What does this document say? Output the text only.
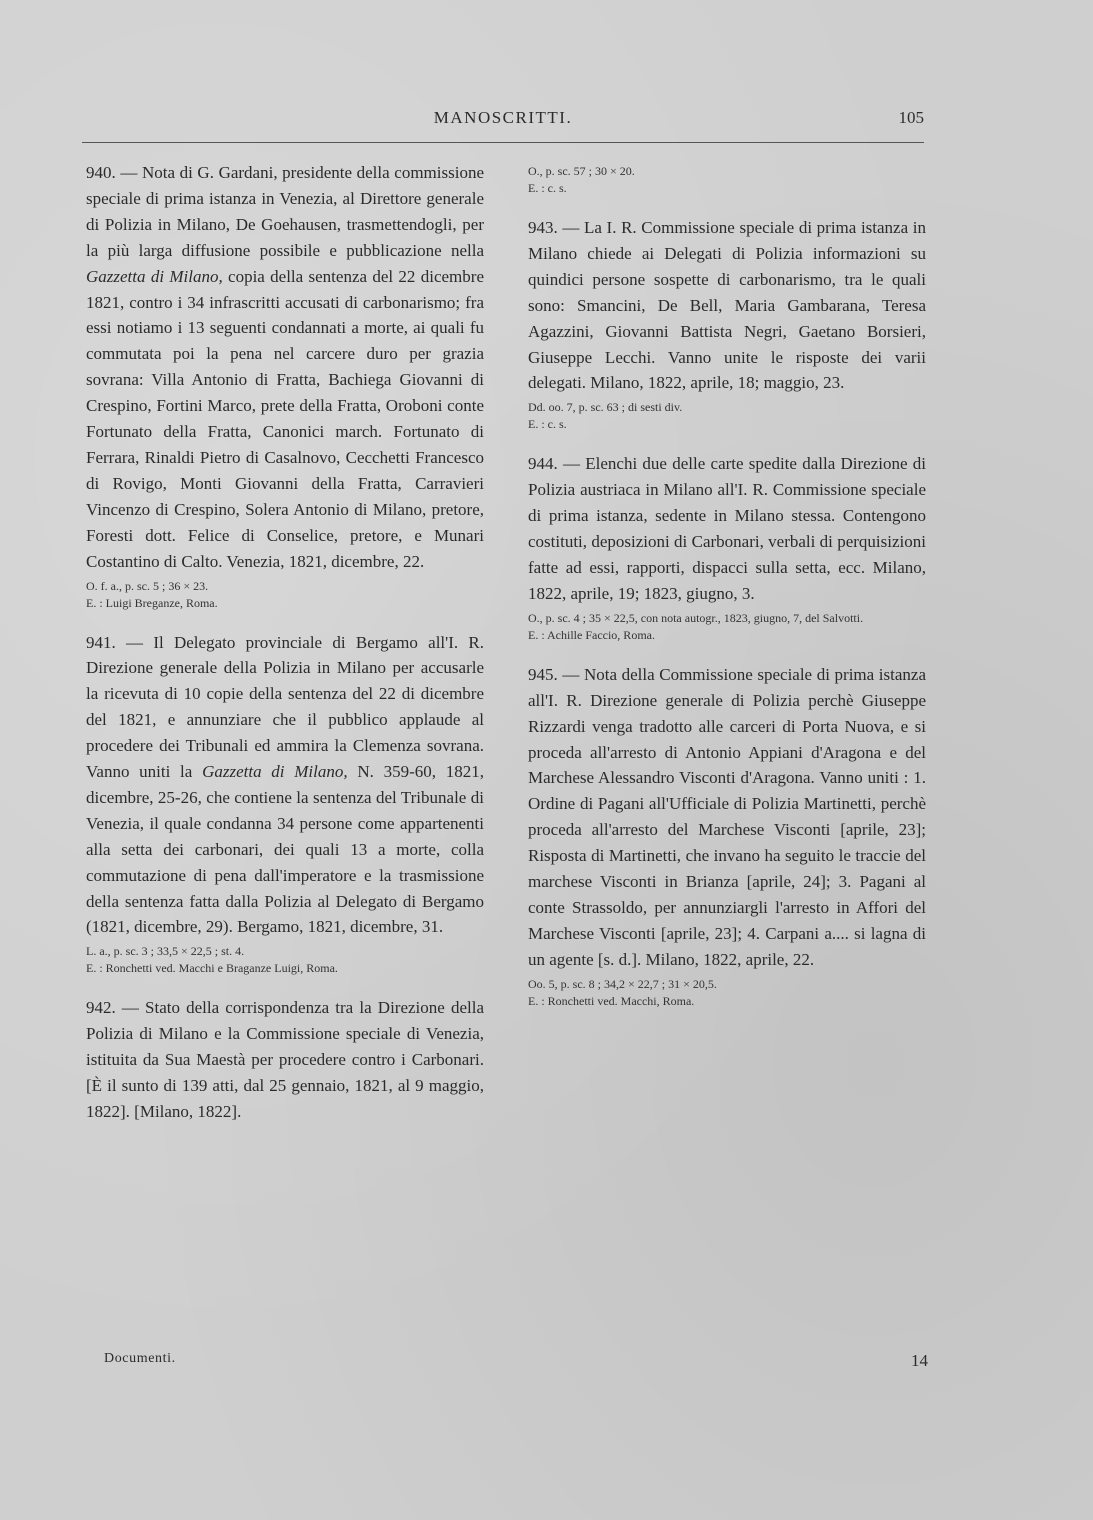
MANOSCRITTI.	105

940. — Nota di G. Gardani, presidente della commissione speciale di prima istanza in Venezia, al Direttore generale di Polizia in Milano, De Goehausen, trasmettendogli, per la più larga diffusione possibile e pubblicazione nella Gazzetta di Milano, copia della sentenza del 22 dicembre 1821, contro i 34 infrascritti accusati di carbonarismo; fra essi notiamo i 13 seguenti condannati a morte, ai quali fu commutata poi la pena nel carcere duro per grazia sovrana: Villa Antonio di Fratta, Bachiega Giovanni di Crespino, Fortini Marco, prete della Fratta, Oroboni conte Fortunato della Fratta, Canonici march. Fortunato di Ferrara, Rinaldi Pietro di Casalnovo, Cecchetti Francesco di Rovigo, Monti Giovanni della Fratta, Carravieri Vincenzo di Crespino, Solera Antonio di Milano, pretore, Foresti dott. Felice di Conselice, pretore, e Munari Costantino di Calto. Venezia, 1821, dicembre, 22.

O. f. a., p. sc. 5 ; 36 × 23.
E. : Luigi Breganze, Roma.

941. — Il Delegato provinciale di Bergamo all'I. R. Direzione generale della Polizia in Milano per accusarle la ricevuta di 10 copie della sentenza del 22 di dicembre del 1821, e annunziare che il pubblico applaude al procedere dei Tribunali ed ammira la Clemenza sovrana. Vanno uniti la Gazzetta di Milano, N. 359-60, 1821, dicembre, 25-26, che contiene la sentenza del Tribunale di Venezia, il quale condanna 34 persone come appartenenti alla setta dei carbonari, dei quali 13 a morte, colla commutazione di pena dall'imperatore e la trasmissione della sentenza fatta dalla Polizia al Delegato di Bergamo (1821, dicembre, 29). Bergamo, 1821, dicembre, 31.

L. a., p. sc. 3 ; 33,5 × 22,5 ; st. 4.
E. : Ronchetti ved. Macchi e Braganze Luigi, Roma.

942. — Stato della corrispondenza tra la Direzione della Polizia di Milano e la Commissione speciale di Venezia, istituita da Sua Maestà per procedere contro i Carbonari. [È il sunto di 139 atti, dal 25 gennaio, 1821, al 9 maggio, 1822]. [Milano, 1822].

O., p. sc. 57 ; 30 × 20.
E. : c. s.

943. — La I. R. Commissione speciale di prima istanza in Milano chiede ai Delegati di Polizia informazioni su quindici persone sospette di carbonarismo, tra le quali sono: Smancini, De Bell, Maria Gambarana, Teresa Agazzini, Giovanni Battista Negri, Gaetano Borsieri, Giuseppe Lecchi. Vanno unite le risposte dei varii delegati. Milano, 1822, aprile, 18; maggio, 23.

Dd. oo. 7, p. sc. 63 ; di sesti div.
E. : c. s.

944. — Elenchi due delle carte spedite dalla Direzione di Polizia austriaca in Milano all'I. R. Commissione speciale di prima istanza, sedente in Milano stessa. Contengono costituti, deposizioni di Carbonari, verbali di perquisizioni fatte ad essi, rapporti, dispacci sulla setta, ecc. Milano, 1822, aprile, 19; 1823, giugno, 3.

O., p. sc. 4 ; 35 × 22,5, con nota autogr., 1823, giugno, 7, del Salvotti.
E. : Achille Faccio, Roma.

945. — Nota della Commissione speciale di prima istanza all'I. R. Direzione generale di Polizia perchè Giuseppe Rizzardi venga tradotto alle carceri di Porta Nuova, e si proceda all'arresto di Antonio Appiani d'Aragona e del Marchese Alessandro Visconti d'Aragona. Vanno uniti : 1. Ordine di Pagani all'Ufficiale di Polizia Martinetti, perchè proceda all'arresto del Marchese Visconti [aprile, 23]; Risposta di Martinetti, che invano ha seguito le traccie del marchese Visconti in Brianza [aprile, 24]; 3. Pagani al conte Strassoldo, per annunziargli l'arresto in Affori del Marchese Visconti [aprile, 23]; 4. Carpani a.... si lagna di un agente [s. d.]. Milano, 1822, aprile, 22.

Oo. 5, p. sc. 8 ; 34,2 × 22,7 ; 31 × 20,5.
E. : Ronchetti ved. Macchi, Roma.
Documenti.	14
